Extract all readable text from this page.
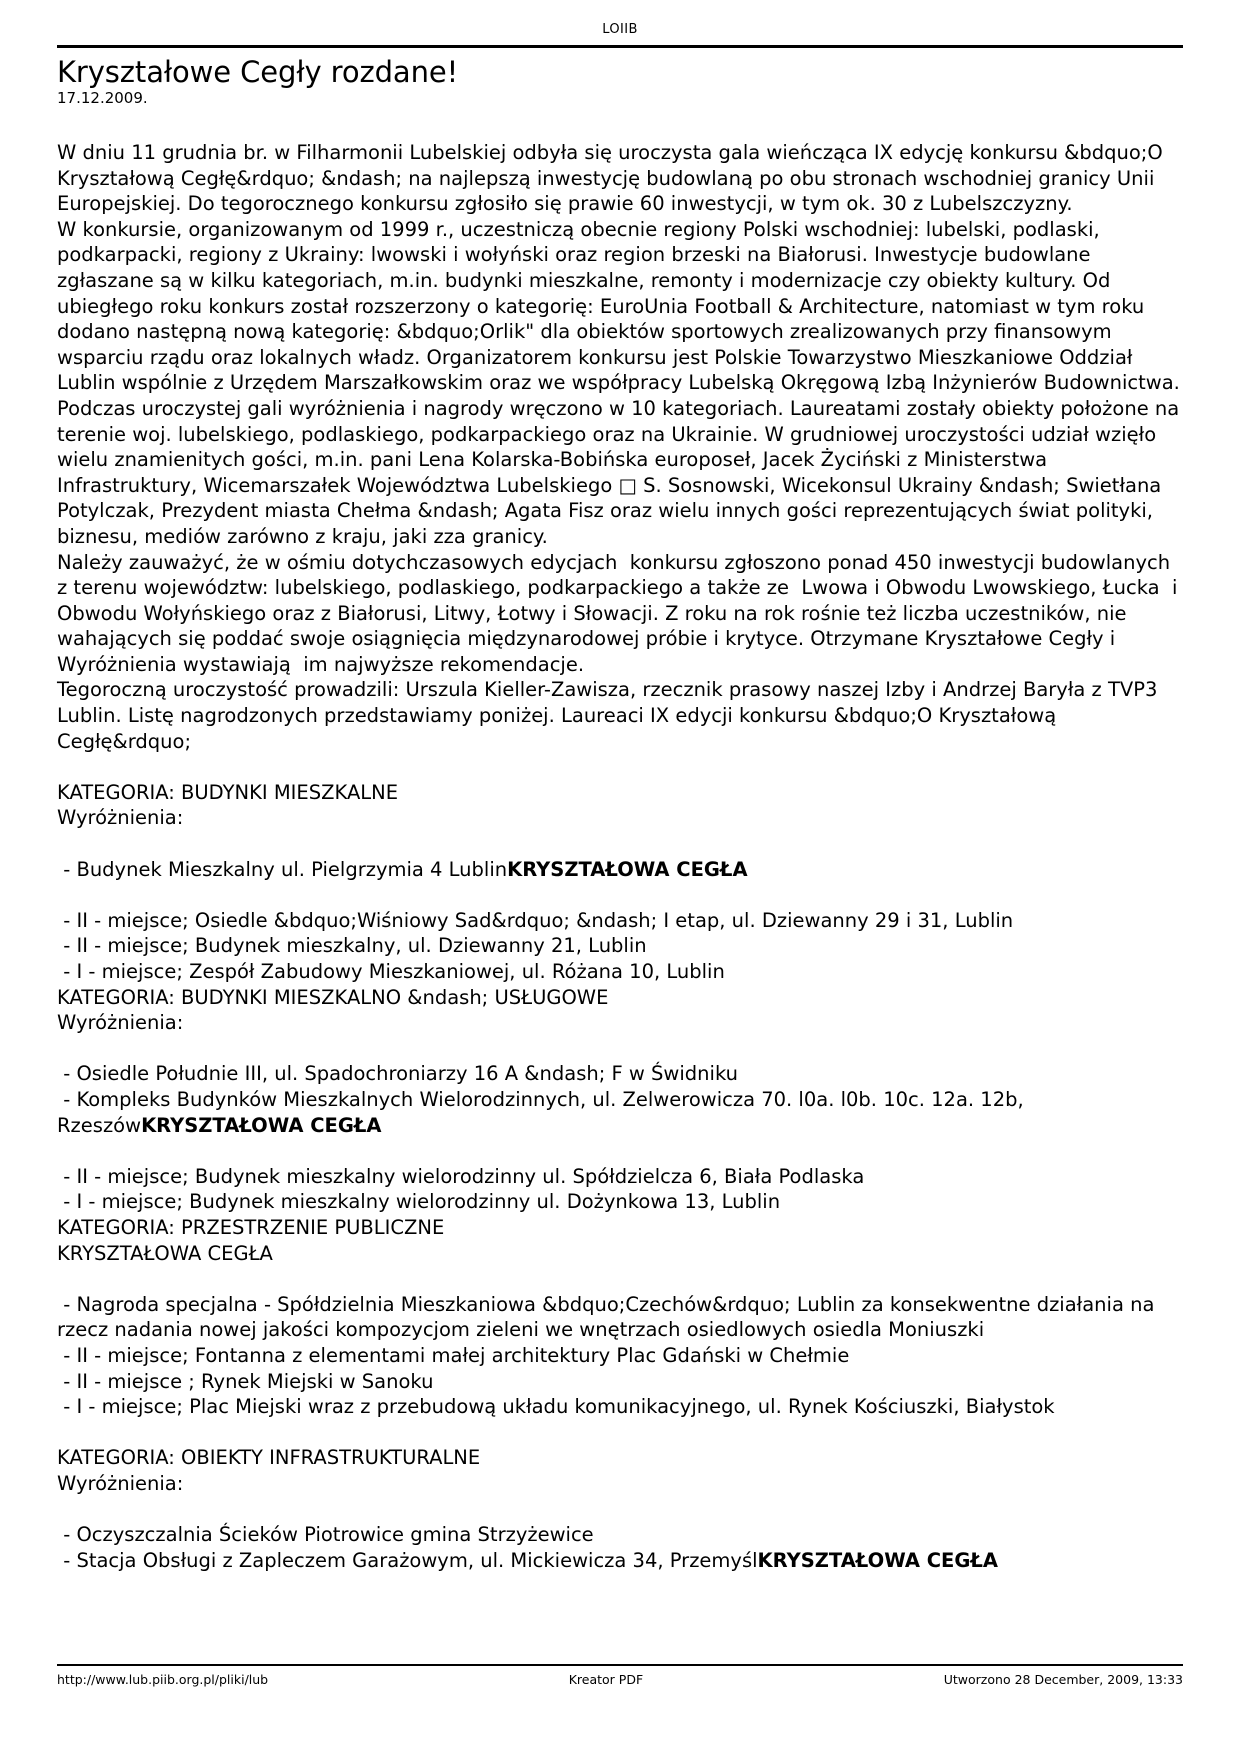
LOIIB
Kryształowe Cegły rozdane!
17.12.2009.

W dniu 11 grudnia br. w Filharmonii Lubelskiej odbyła się uroczysta gala wieńcząca IX edycję konkursu &bdquo;O Kryształową Cegłę&rdquo; &ndash; na najlepszą inwestycję budowlaną po obu stronach wschodniej granicy Unii Europejskiej. Do tegorocznego konkursu zgłosiło się prawie 60 inwestycji, w tym ok. 30 z Lubelszczyzny.

W konkursie, organizowanym od 1999 r., uczestniczą obecnie regiony Polski wschodniej: lubelski, podlaski, podkarpacki, regiony z Ukrainy: lwowski i wołyński oraz region brzeski na Białorusi. Inwestycje budowlane zgłaszane są w kilku kategoriach, m.in. budynki mieszkalne, remonty i modernizacje czy obiekty kultury. Od ubiegłego roku konkurs został rozszerzony o kategorię: EuroUnia Football & Architecture, natomiast w tym roku dodano następną nową kategorię: &bdquo;Orlik" dla obiektów sportowych zrealizowanych przy finansowym wsparciu rządu oraz lokalnych władz. Organizatorem konkursu jest Polskie Towarzystwo Mieszkaniowe Oddział Lublin wspólnie z Urzędem Marszałkowskim oraz we współpracy Lubelską Okręgową Izbą Inżynierów Budownictwa.

Podczas uroczystej gali wyróżnienia i nagrody wręczono w 10 kategoriach. Laureatami zostały obiekty położone na terenie woj. lubelskiego, podlaskiego, podkarpackiego oraz na Ukrainie. W grudniowej uroczystości udział wzięło wielu znamienitych gości, m.in. pani Lena Kolarska-Bobińska europoseł, Jacek Życiński z Ministerstwa Infrastruktury, Wicemarszałek Województwa Lubelskiego □ S. Sosnowski, Wicekonsul Ukrainy &ndash; Swietłana Potylczak, Prezydent miasta Chełma &ndash; Agata Fisz oraz wielu innych gości reprezentujących świat polityki, biznesu, mediów zarówno z kraju, jaki zza granicy.

Należy zauważyć, że w ośmiu dotychczasowych edycjach  konkursu zgłoszono ponad 450 inwestycji budowlanych z terenu województw: lubelskiego, podlaskiego, podkarpackiego a także ze  Lwowa i Obwodu Lwowskiego, Łucka  i Obwodu Wołyńskiego oraz z Białorusi, Litwy, Łotwy i Słowacji. Z roku na rok rośnie też liczba uczestników, nie wahających się poddać swoje osiągnięcia międzynarodowej próbie i krytyce. Otrzymane Kryształowe Cegły i Wyróżnienia wystawiają  im najwyższe rekomendacje.

Tegoroczną uroczystość prowadzili: Urszula Kieller-Zawisza, rzecznik prasowy naszej Izby i Andrzej Baryła z TVP3 Lublin. Listę nagrodzonych przedstawiamy poniżej. Laureaci IX edycji konkursu &bdquo;O Kryształową Cegłę&rdquo;

KATEGORIA: BUDYNKI MIESZKALNE

Wyróżnienia:

- Budynek Mieszkalny ul. Pielgrzymia 4 LublinKRYSZTAŁOWA CEGŁA

- II - miejsce; Osiedle &bdquo;Wiśniowy Sad&rdquo; &ndash; I etap, ul. Dziewanny 29 i 31, Lublin

- II - miejsce; Budynek mieszkalny, ul. Dziewanny 21, Lublin

- I - miejsce; Zespół Zabudowy Mieszkaniowej, ul. Różana 10, Lublin

KATEGORIA: BUDYNKI MIESZKALNO &ndash; USŁUGOWE

Wyróżnienia:

- Osiedle Południe III, ul. Spadochroniarzy 16 A &ndash; F w Świdniku

- Kompleks Budynków Mieszkalnych Wielorodzinnych, ul. Zelwerowicza 70. l0a. l0b. 10c. 12a. 12b, RzeszówKRYSZTAŁOWA CEGŁA

- II - miejsce; Budynek mieszkalny wielorodzinny ul. Spółdzielcza 6, Biała Podlaska

- I - miejsce; Budynek mieszkalny wielorodzinny ul. Dożynkowa 13, Lublin

KATEGORIA: PRZESTRZENIE PUBLICZNE

KRYSZTAŁOWA CEGŁA

- Nagroda specjalna - Spółdzielnia Mieszkaniowa &bdquo;Czechów&rdquo; Lublin za konsekwentne działania na rzecz nadania nowej jakości kompozycjom zieleni we wnętrzach osiedlowych osiedla Moniuszki

- II - miejsce; Fontanna z elementami małej architektury Plac Gdański w Chełmie

- II - miejsce ; Rynek Miejski w Sanoku

- I - miejsce; Plac Miejski wraz z przebudową układu komunikacyjnego, ul. Rynek Kościuszki, Białystok

KATEGORIA: OBIEKTY INFRASTRUKTURALNE

Wyróżnienia:

- Oczyszczalnia Ścieków Piotrowice gmina Strzyżewice

- Stacja Obsługi z Zapleczem Garażowym, ul. Mickiewicza 34, PrzemyślKRYSZTAŁOWA CEGŁA

http://www.lub.piib.org.pl/pliki/lub	Kreator PDF	Utworzono 28 December, 2009, 13:33
